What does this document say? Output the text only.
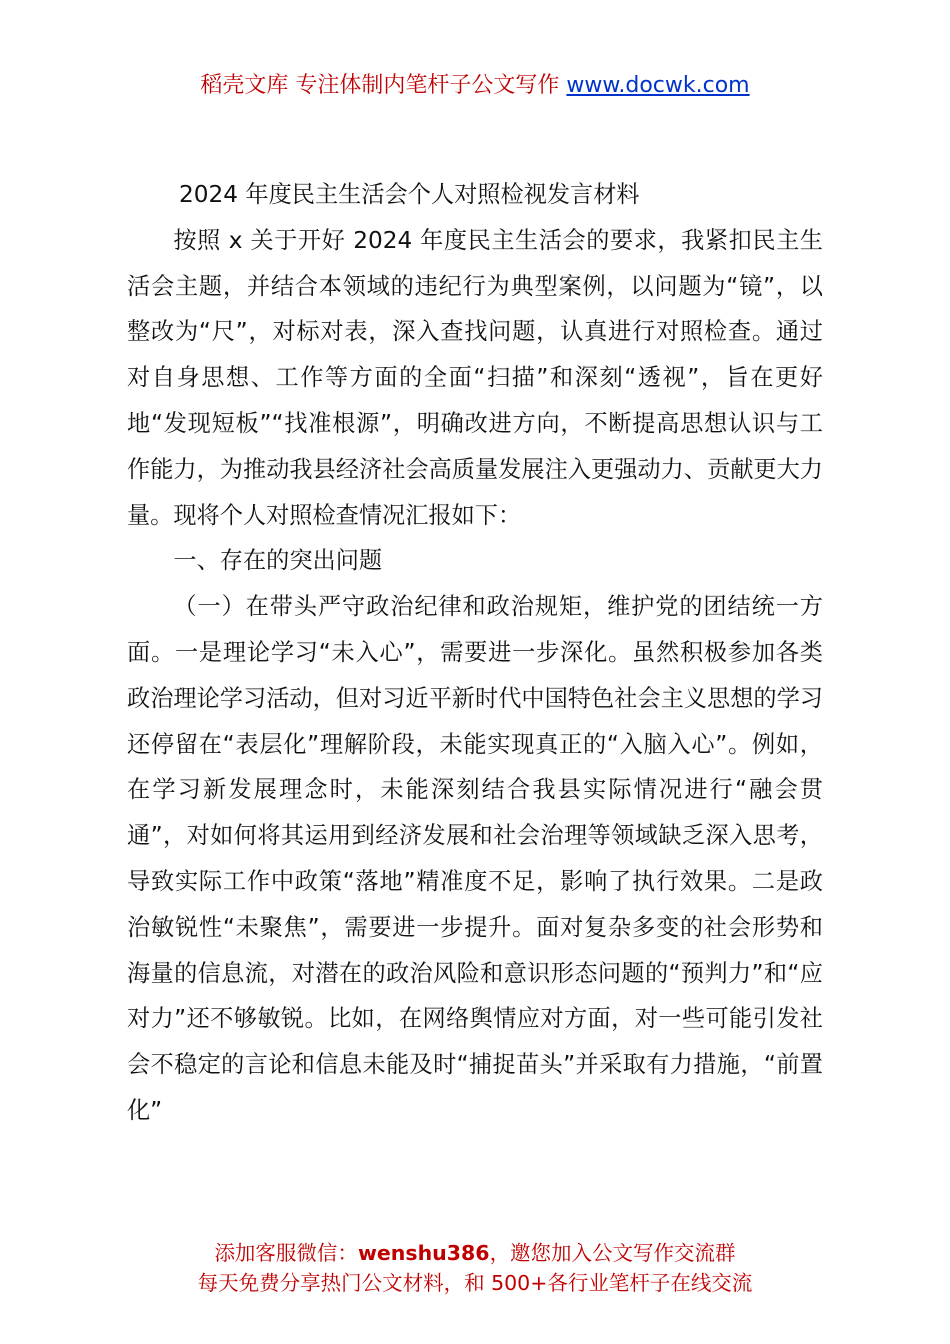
稻壳文库 专注体制内笔杆子公文写作 www.docwk.com

2024 年度民主生活会个人对照检视发言材料

按照 x 关于开好 2024 年度民主生活会的要求，我紧扣民主生活会主题，并结合本领域的违纪行为典型案例，以问题为“镜”，以整改为“尺”，对标对表，深入查找问题，认真进行对照检查。通过对自身思想、工作等方面的全面“扫描”和深刻“透视”，旨在更好地“发现短板”“找准根源”，明确改进方向，不断提高思想认识与工作能力，为推动我县经济社会高质量发展注入更强动力、贡献更大力量。现将个人对照检查情况汇报如下：

一、存在的突出问题

（一）在带头严守政治纪律和政治规矩，维护党的团结统一方面。一是理论学习“未入心”，需要进一步深化。虽然积极参加各类政治理论学习活动，但对习近平新时代中国特色社会主义思想的学习还停留在“表层化”理解阶段，未能实现真正的“入脑入心”。例如，在学习新发展理念时，未能深刻结合我县实际情况进行“融会贯通”，对如何将其运用到经济发展和社会治理等领域缺乏深入思考，导致实际工作中政策“落地”精准度不足，影响了执行效果。二是政治敏锐性“未聚焦”，需要进一步提升。面对复杂多变的社会形势和海量的信息流，对潜在的政治风险和意识形态问题的“预判力”和“应对力”还不够敏锐。比如，在网络舆情应对方面，对一些可能引发社会不稳定的言论和信息未能及时“捕捉苗头”并采取有力措施，“前置化”

添加客服微信：wenshu386，邀您加入公文写作交流群
每天免费分享热门公文材料，和 500+各行业笔杆子在线交流
